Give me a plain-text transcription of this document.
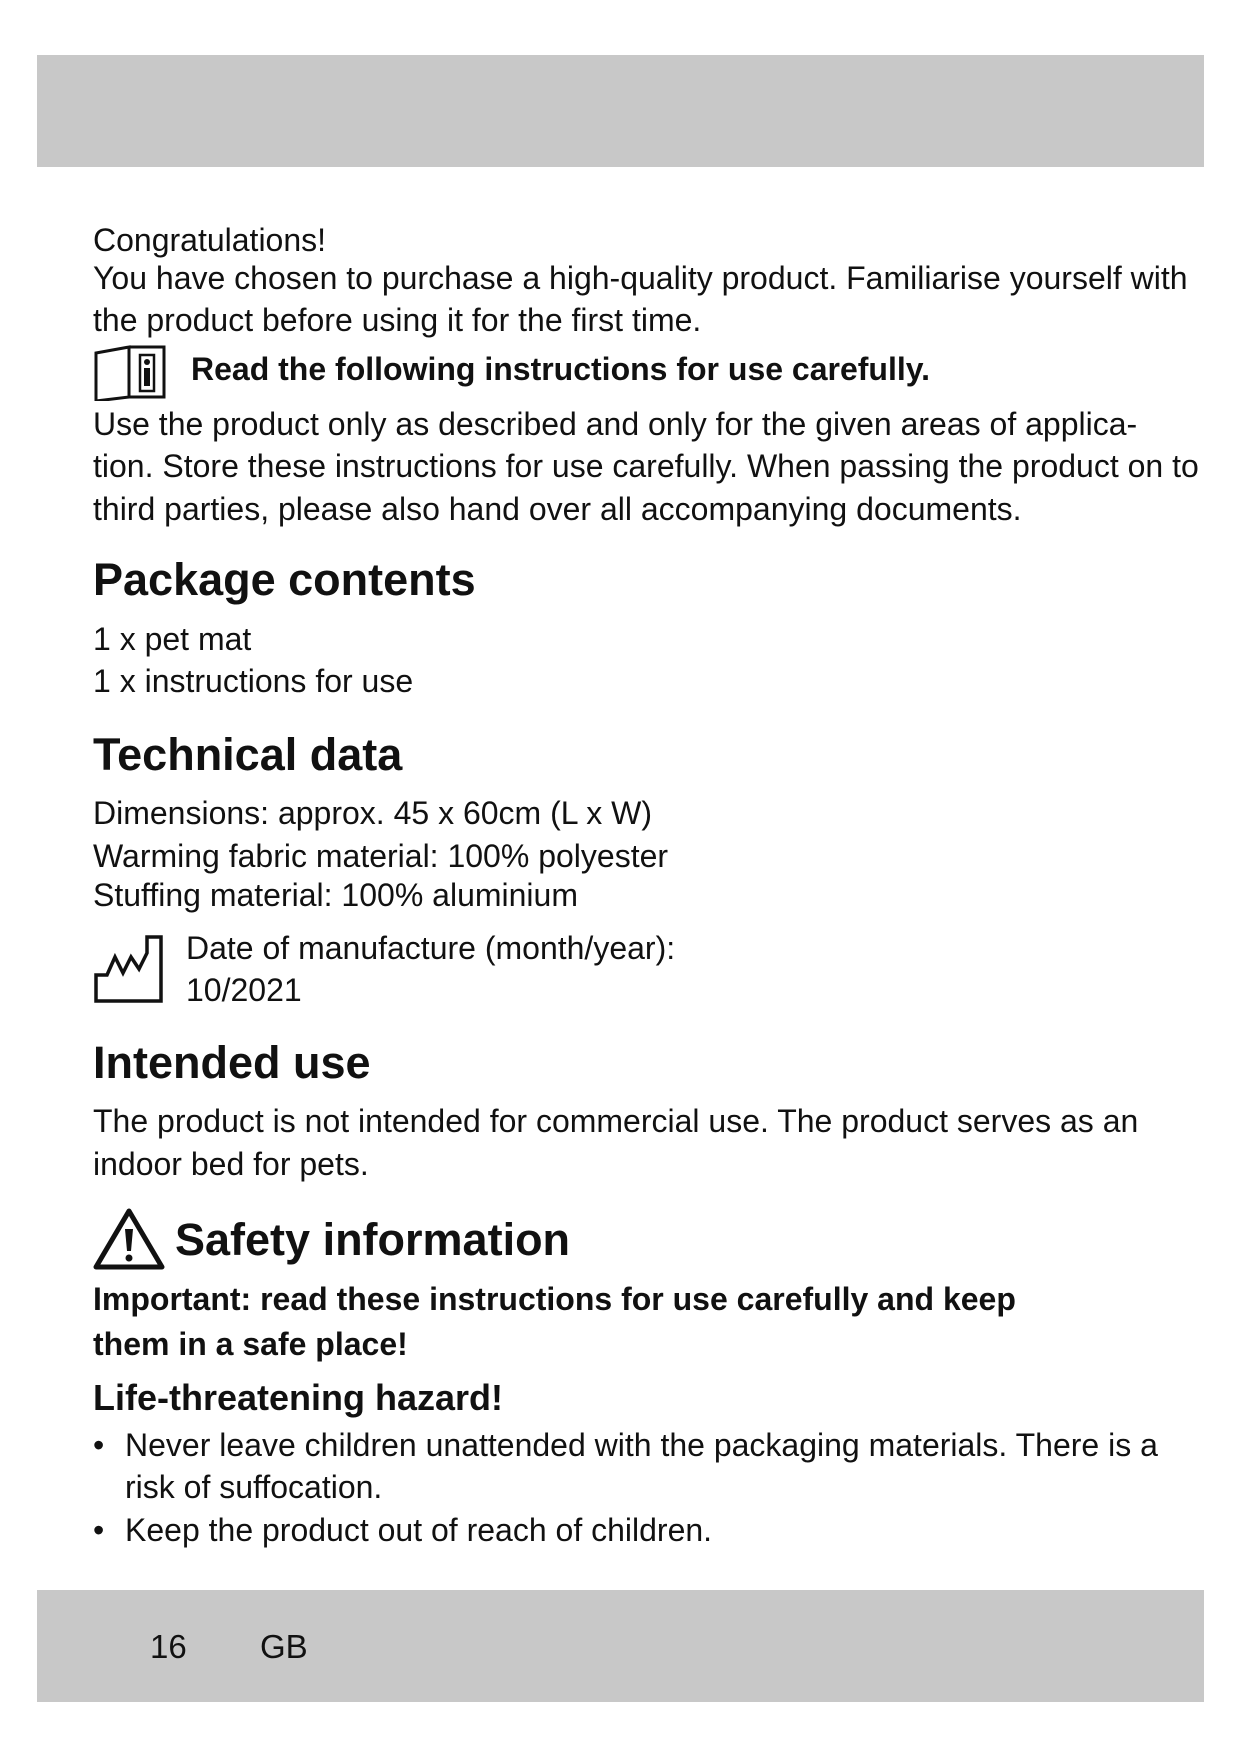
Congratulations!
You have chosen to purchase a high-quality product. Familiarise yourself with
the product before using it for the first time.
Read the following instructions for use carefully.
Use the product only as described and only for the given areas of applica-
tion. Store these instructions for use carefully. When passing the product on to
third parties, please also hand over all accompanying documents.
Package contents
1 x pet mat
1 x instructions for use
Technical data
Dimensions: approx. 45 x 60cm (L x W)
Warming fabric material: 100% polyester
Stuffing material: 100% aluminium
Date of manufacture (month/year):
10/2021
Intended use
The product is not intended for commercial use. The product serves as an
indoor bed for pets.
Safety information
Important: read these instructions for use carefully and keep
them in a safe place!
Life-threatening hazard!
• Never leave children unattended with the packaging materials. There is a
risk of suffocation.
• Keep the product out of reach of children.
16 GB
